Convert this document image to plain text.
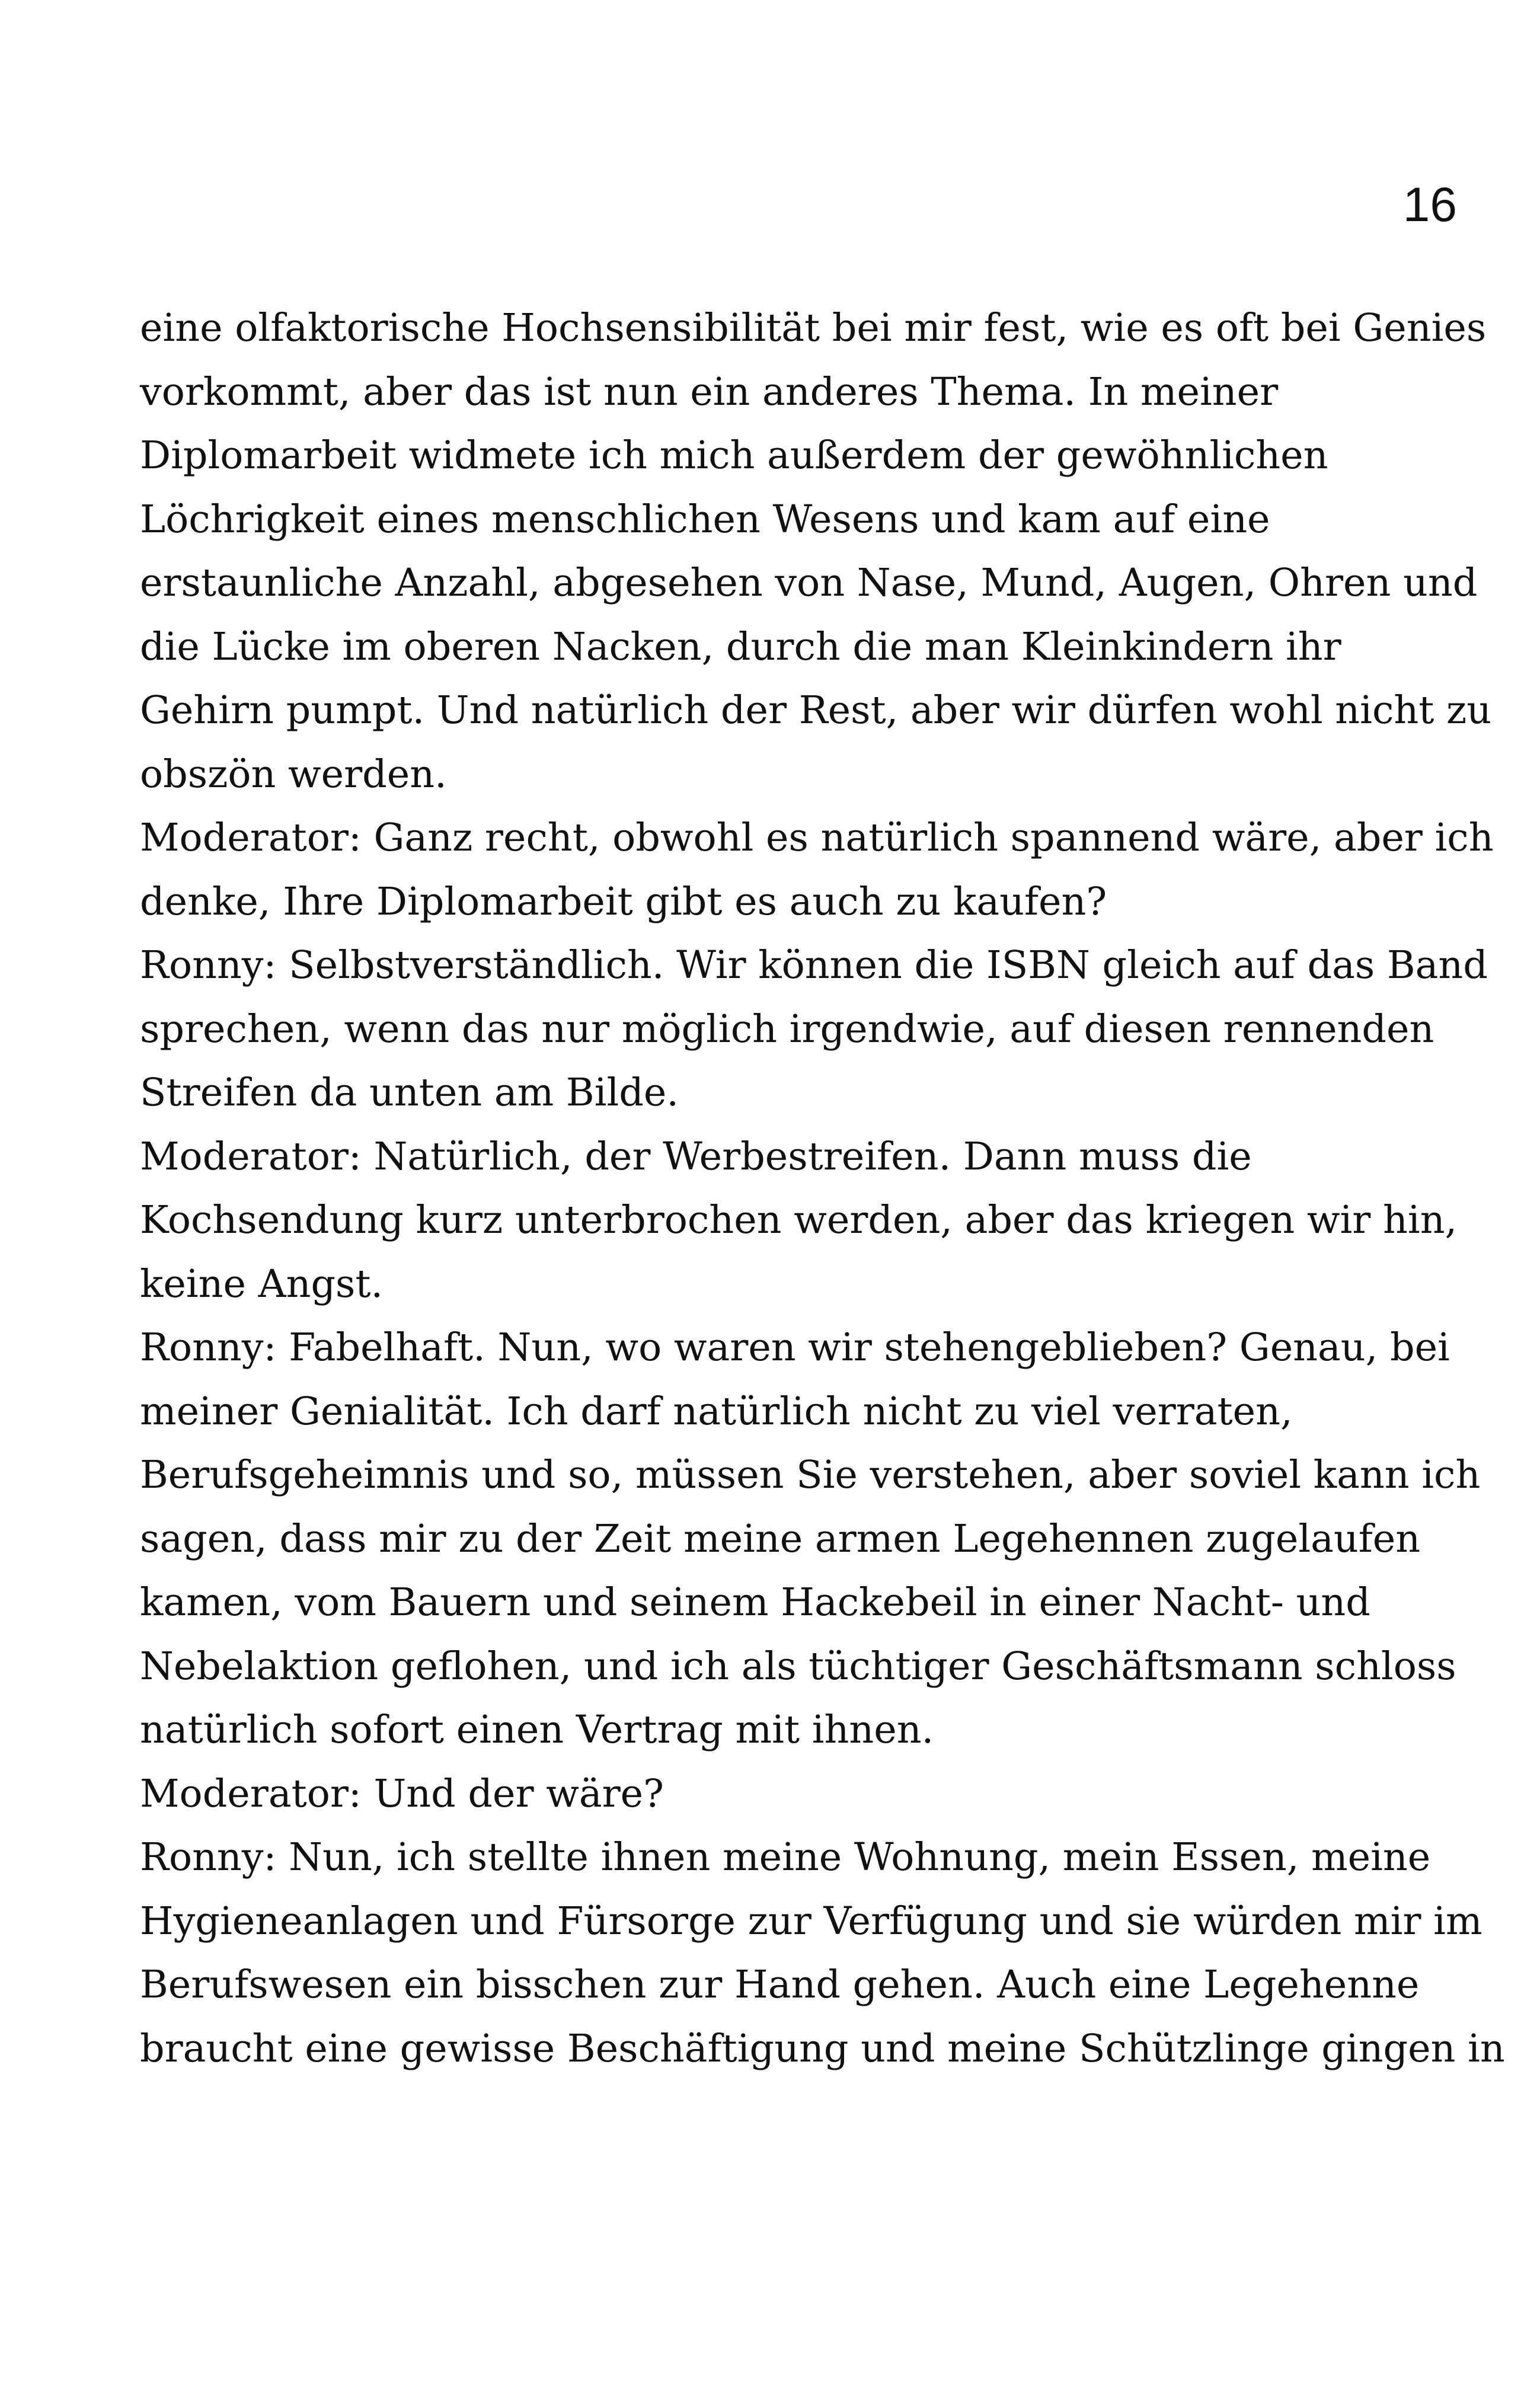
16
eine olfaktorische Hochsensibilität bei mir fest, wie es oft bei Genies
vorkommt, aber das ist nun ein anderes Thema. In meiner
Diplomarbeit widmete ich mich außerdem der gewöhnlichen
Löchrigkeit eines menschlichen Wesens und kam auf eine
erstaunliche Anzahl, abgesehen von Nase, Mund, Augen, Ohren und
die Lücke im oberen Nacken, durch die man Kleinkindern ihr
Gehirn pumpt. Und natürlich der Rest, aber wir dürfen wohl nicht zu
obszön werden.
Moderator: Ganz recht, obwohl es natürlich spannend wäre, aber ich
denke, Ihre Diplomarbeit gibt es auch zu kaufen?
Ronny: Selbstverständlich. Wir können die ISBN gleich auf das Band
sprechen, wenn das nur möglich irgendwie, auf diesen rennenden
Streifen da unten am Bilde.
Moderator: Natürlich, der Werbestreifen. Dann muss die
Kochsendung kurz unterbrochen werden, aber das kriegen wir hin,
keine Angst.
Ronny: Fabelhaft. Nun, wo waren wir stehengeblieben? Genau, bei
meiner Genialität. Ich darf natürlich nicht zu viel verraten,
Berufsgeheimnis und so, müssen Sie verstehen, aber soviel kann ich
sagen, dass mir zu der Zeit meine armen Legehennen zugelaufen
kamen, vom Bauern und seinem Hackebeil in einer Nacht- und
Nebelaktion geflohen, und ich als tüchtiger Geschäftsmann schloss
natürlich sofort einen Vertrag mit ihnen.
Moderator: Und der wäre?
Ronny: Nun, ich stellte ihnen meine Wohnung, mein Essen, meine
Hygieneanlagen und Fürsorge zur Verfügung und sie würden mir im
Berufswesen ein bisschen zur Hand gehen. Auch eine Legehenne
braucht eine gewisse Beschäftigung und meine Schützlinge gingen in
